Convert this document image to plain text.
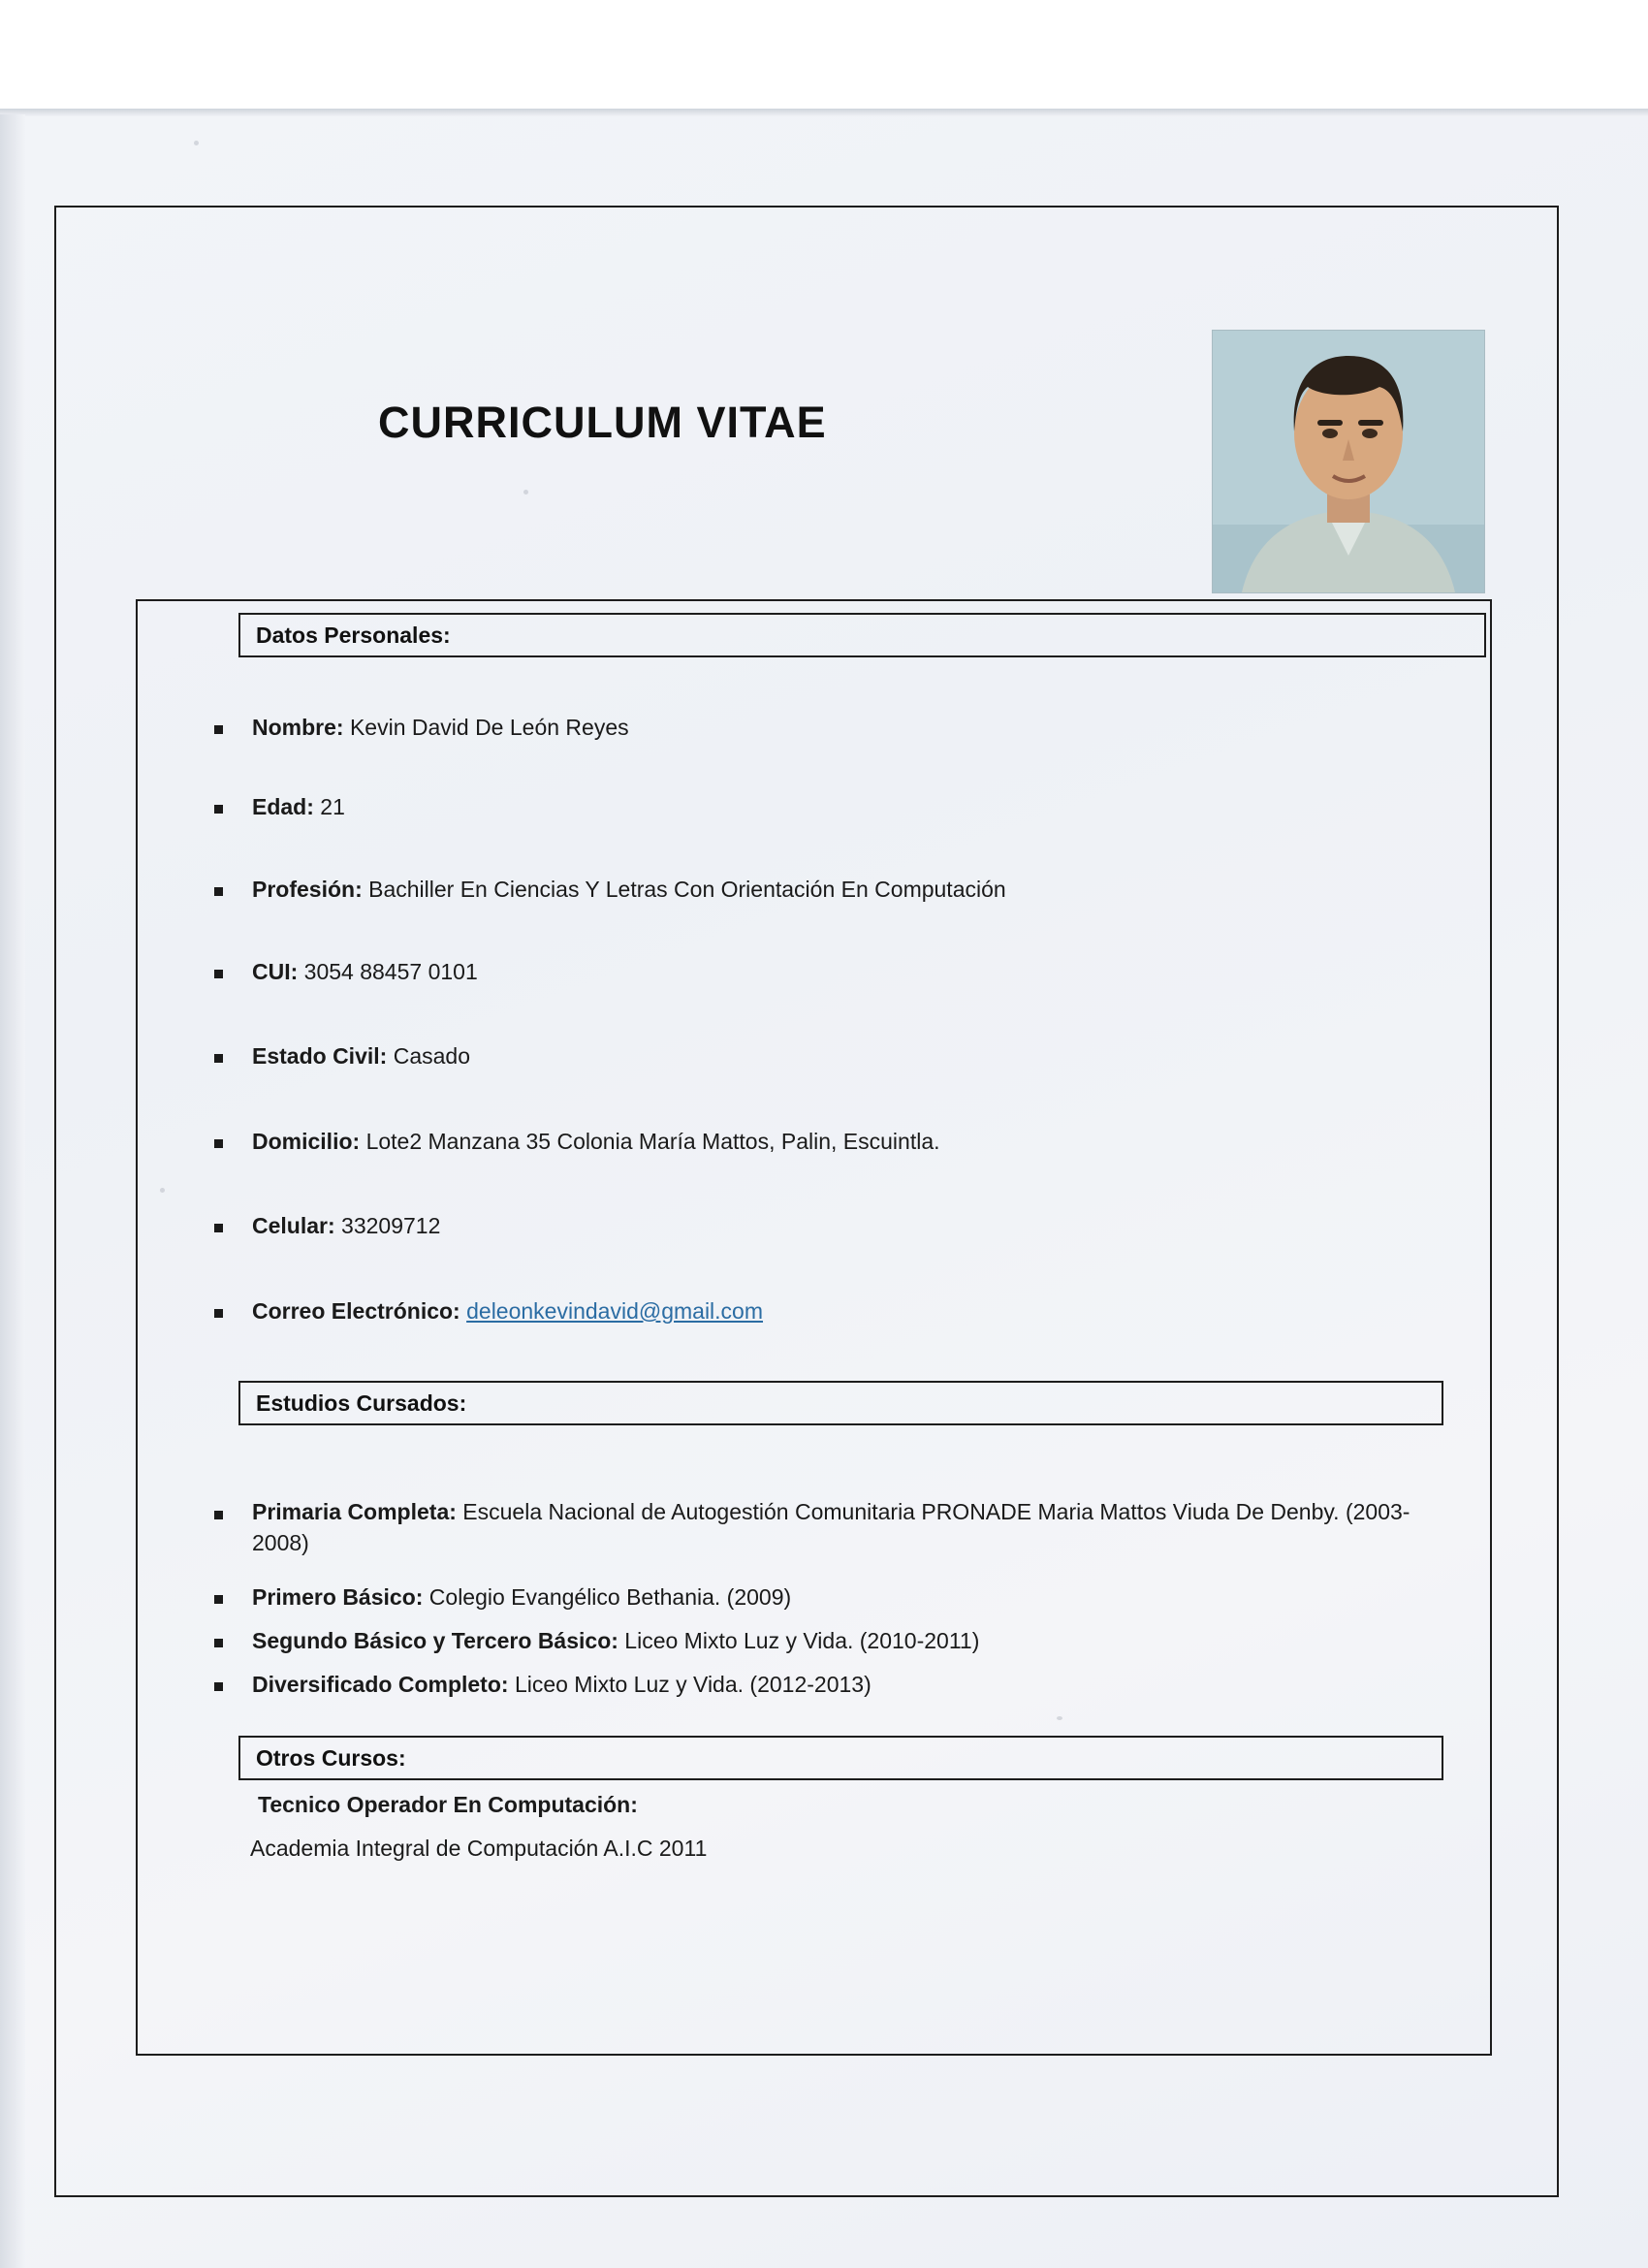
CURRICULUM VITAE
Datos Personales:
Nombre: Kevin David De León Reyes
Edad: 21
Profesión: Bachiller En Ciencias Y Letras Con Orientación En Computación
CUI: 3054 88457 0101
Estado Civil: Casado
Domicilio: Lote2 Manzana 35 Colonia María Mattos, Palin, Escuintla.
Celular: 33209712
Correo Electrónico: deleonkevindavid@gmail.com
Estudios Cursados:
Primaria Completa: Escuela Nacional de Autogestión Comunitaria PRONADE Maria Mattos Viuda De Denby. (2003-2008)
Primero Básico: Colegio Evangélico Bethania. (2009)
Segundo Básico y Tercero Básico: Liceo Mixto Luz y Vida. (2010-2011)
Diversificado Completo: Liceo Mixto Luz y Vida. (2012-2013)
Otros Cursos:
Tecnico Operador En Computación:
Academia Integral de Computación A.I.C 2011
